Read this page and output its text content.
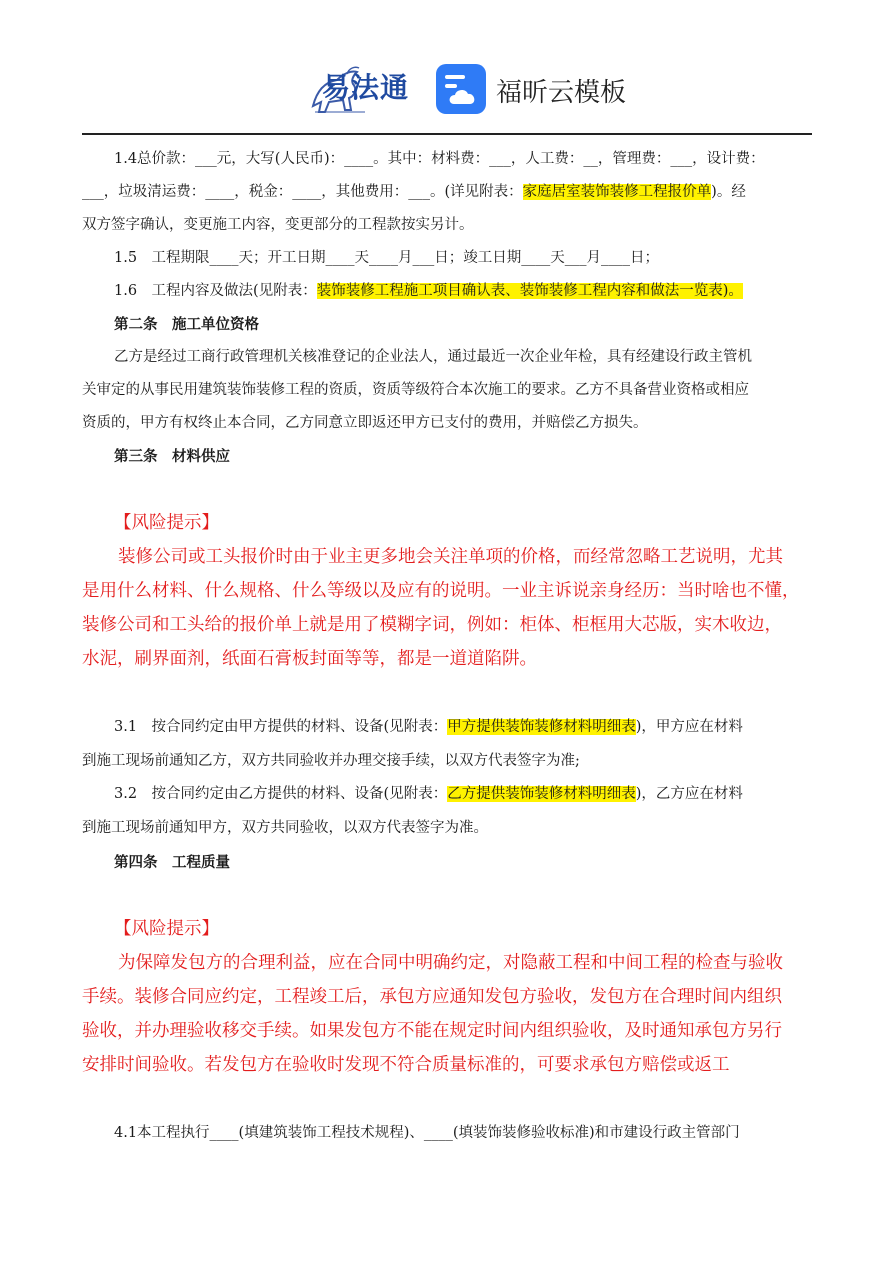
易法通	福昕云模板
1.4总价款：___元，大写(人民币)：____。其中：材料费：___，人工费：__，管理费：___，设计费：
___，垃圾清运费：____，税金：____，其他费用：___。(详见附表：家庭居室装饰装修工程报价单)。经
双方签字确认，变更施工内容，变更部分的工程款按实另计。
1.5　工程期限____天；开工日期____天____月___日；竣工日期____天___月____日；
1.6　工程内容及做法(见附表：装饰装修工程施工项目确认表、装饰装修工程内容和做法一览表)。
第二条　施工单位资格
乙方是经过工商行政管理机关核准登记的企业法人，通过最近一次企业年检，具有经建设行政主管机
关审定的从事民用建筑装饰装修工程的资质，资质等级符合本次施工的要求。乙方不具备营业资格或相应
资质的，甲方有权终止本合同，乙方同意立即返还甲方已支付的费用，并赔偿乙方损失。
第三条　材料供应
【风险提示】
装修公司或工头报价时由于业主更多地会关注单项的价格，而经常忽略工艺说明，尤其
是用什么材料、什么规格、什么等级以及应有的说明。一业主诉说亲身经历：当时啥也不懂，
装修公司和工头给的报价单上就是用了模糊字词，例如：柜体、柜框用大芯版，实木收边，
水泥，刷界面剂，纸面石膏板封面等等，都是一道道陷阱。
3.1　按合同约定由甲方提供的材料、设备(见附表：甲方提供装饰装修材料明细表)，甲方应在材料
到施工现场前通知乙方，双方共同验收并办理交接手续，以双方代表签字为准;
3.2　按合同约定由乙方提供的材料、设备(见附表：乙方提供装饰装修材料明细表)，乙方应在材料
到施工现场前通知甲方，双方共同验收，以双方代表签字为准。
第四条　工程质量
【风险提示】
为保障发包方的合理利益，应在合同中明确约定，对隐蔽工程和中间工程的检查与验收
手续。装修合同应约定，工程竣工后，承包方应通知发包方验收，发包方在合理时间内组织
验收，并办理验收移交手续。如果发包方不能在规定时间内组织验收，及时通知承包方另行
安排时间验收。若发包方在验收时发现不符合质量标准的，可要求承包方赔偿或返工
4.1本工程执行____(填建筑装饰工程技术规程)、____(填装饰装修验收标准)和市建设行政主管部门
